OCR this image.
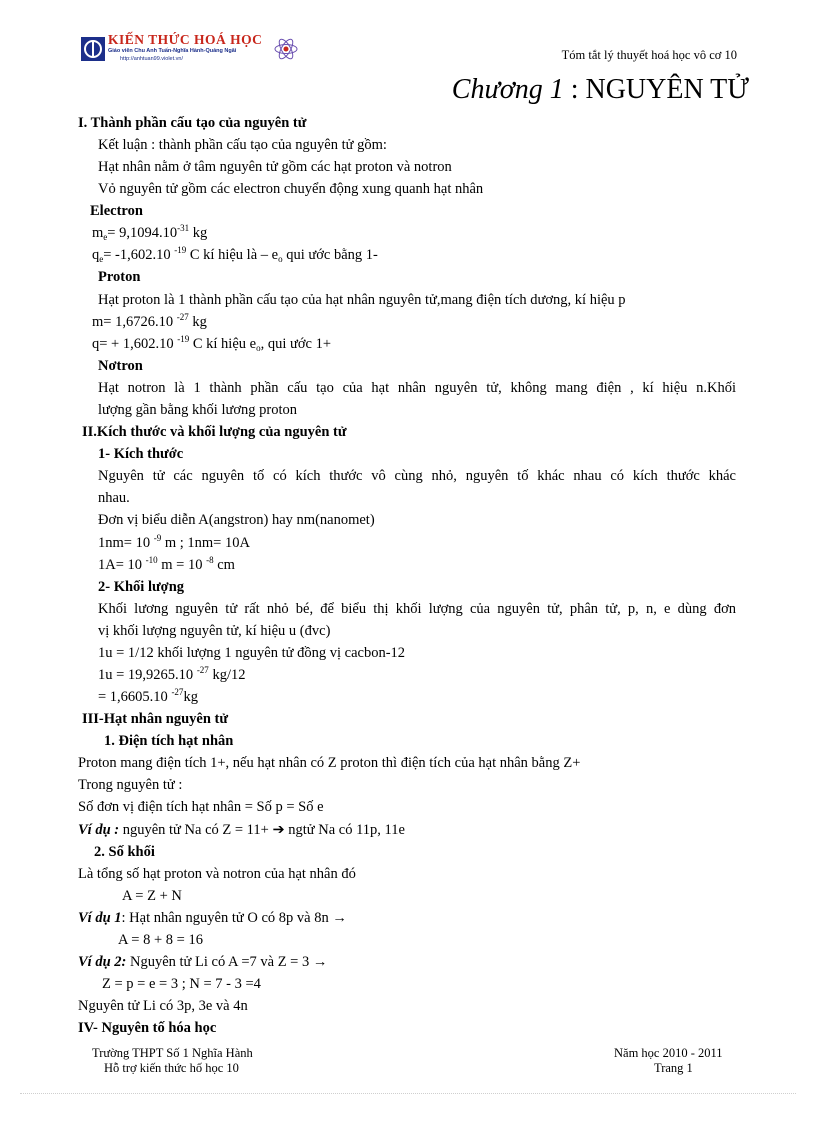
KIẾN THỨC HOÁ HỌC
Giáo viên Chu Anh Tuấn-Nghĩa Hành-Quảng Ngãi
http://anhtuan99.violet.vn/	Tóm tắt lý thuyết hoá học vô cơ 10
Chương 1 : NGUYÊN TỬ
I. Thành phần cấu tạo của nguyên tử
Kết luận : thành phần cấu tạo của nguyên tử gồm:
Hạt nhân nằm ở tâm nguyên tử gồm các hạt proton và notron
Vỏ nguyên tử gồm các electron chuyển động xung quanh hạt nhân
Electron
$m_e= 9,1094.10^{-31}$ kg
$q_e= -1,602.10$ $^{-19}$ C kí hiệu là – $e_o$ qui ước bằng 1-
Proton
Hạt proton là 1 thành phần cấu tạo của hạt nhân nguyên tử,mang điện tích dương, kí hiệu p
m= 1,6726.10 $^{-27}$ kg
q= + 1,602.10 $^{-19}$ C kí hiệu $e_o$, qui ước 1+
Nơtron
Hạt notron là 1 thành phần cấu tạo của hạt nhân nguyên tử, không mang điện , kí hiệu n.Khối
lượng gần bằng khối lương proton
II.Kích thước và khối lượng của nguyên tử
1- Kích thước
Nguyên tử các nguyên tố có kích thước vô cùng nhỏ, nguyên tố khác nhau có kích thước khác
nhau.
Đơn vị biểu diễn A(angstron) hay nm(nanomet)
1nm= 10 $^{-9}$ m ; 1nm= 10A
1A= 10 $^{-10}$ m = 10 $^{-8}$ cm
2- Khối lượng
Khối lương nguyên tử rất nhỏ bé, để biểu thị khối lượng của nguyên tử, phân tử, p, n, e dùng đơn
vị khối lượng nguyên tử, kí hiệu u (đvc)
1u = 1/12 khối lượng 1 nguyên tử đồng vị cacbon-12
1u = 19,9265.10 $^{-27}$ kg/12
= 1,6605.10 $^{-27}$kg
III-Hạt nhân nguyên tử
1. Điện tích hạt nhân
Proton mang điện tích 1+, nếu hạt nhân có Z proton thì điện tích của hạt nhân bằng Z+
Trong nguyên tử :
Số đơn vị điện tích hạt nhân = Số p = Số e
Ví dụ : nguyên tử Na có Z = 11+ ➔ ngtử Na có 11p, 11e
2. Số khối
Là tổng số hạt proton và notron của hạt nhân đó
A = Z + N
Ví dụ 1: Hạt nhân nguyên tử O có 8p và 8n →
A = 8 + 8 = 16
Ví dụ 2: Nguyên tử Li có A =7 và Z = 3 →
Z = p = e = 3 ; N = 7 - 3 =4
Nguyên tử Li có 3p, 3e và 4n
IV- Nguyên tố hóa học
Trường THPT Số 1 Nghĩa Hành
Hỗ trợ kiến thức hố học 10
Năm học 2010 - 2011
Trang 1
